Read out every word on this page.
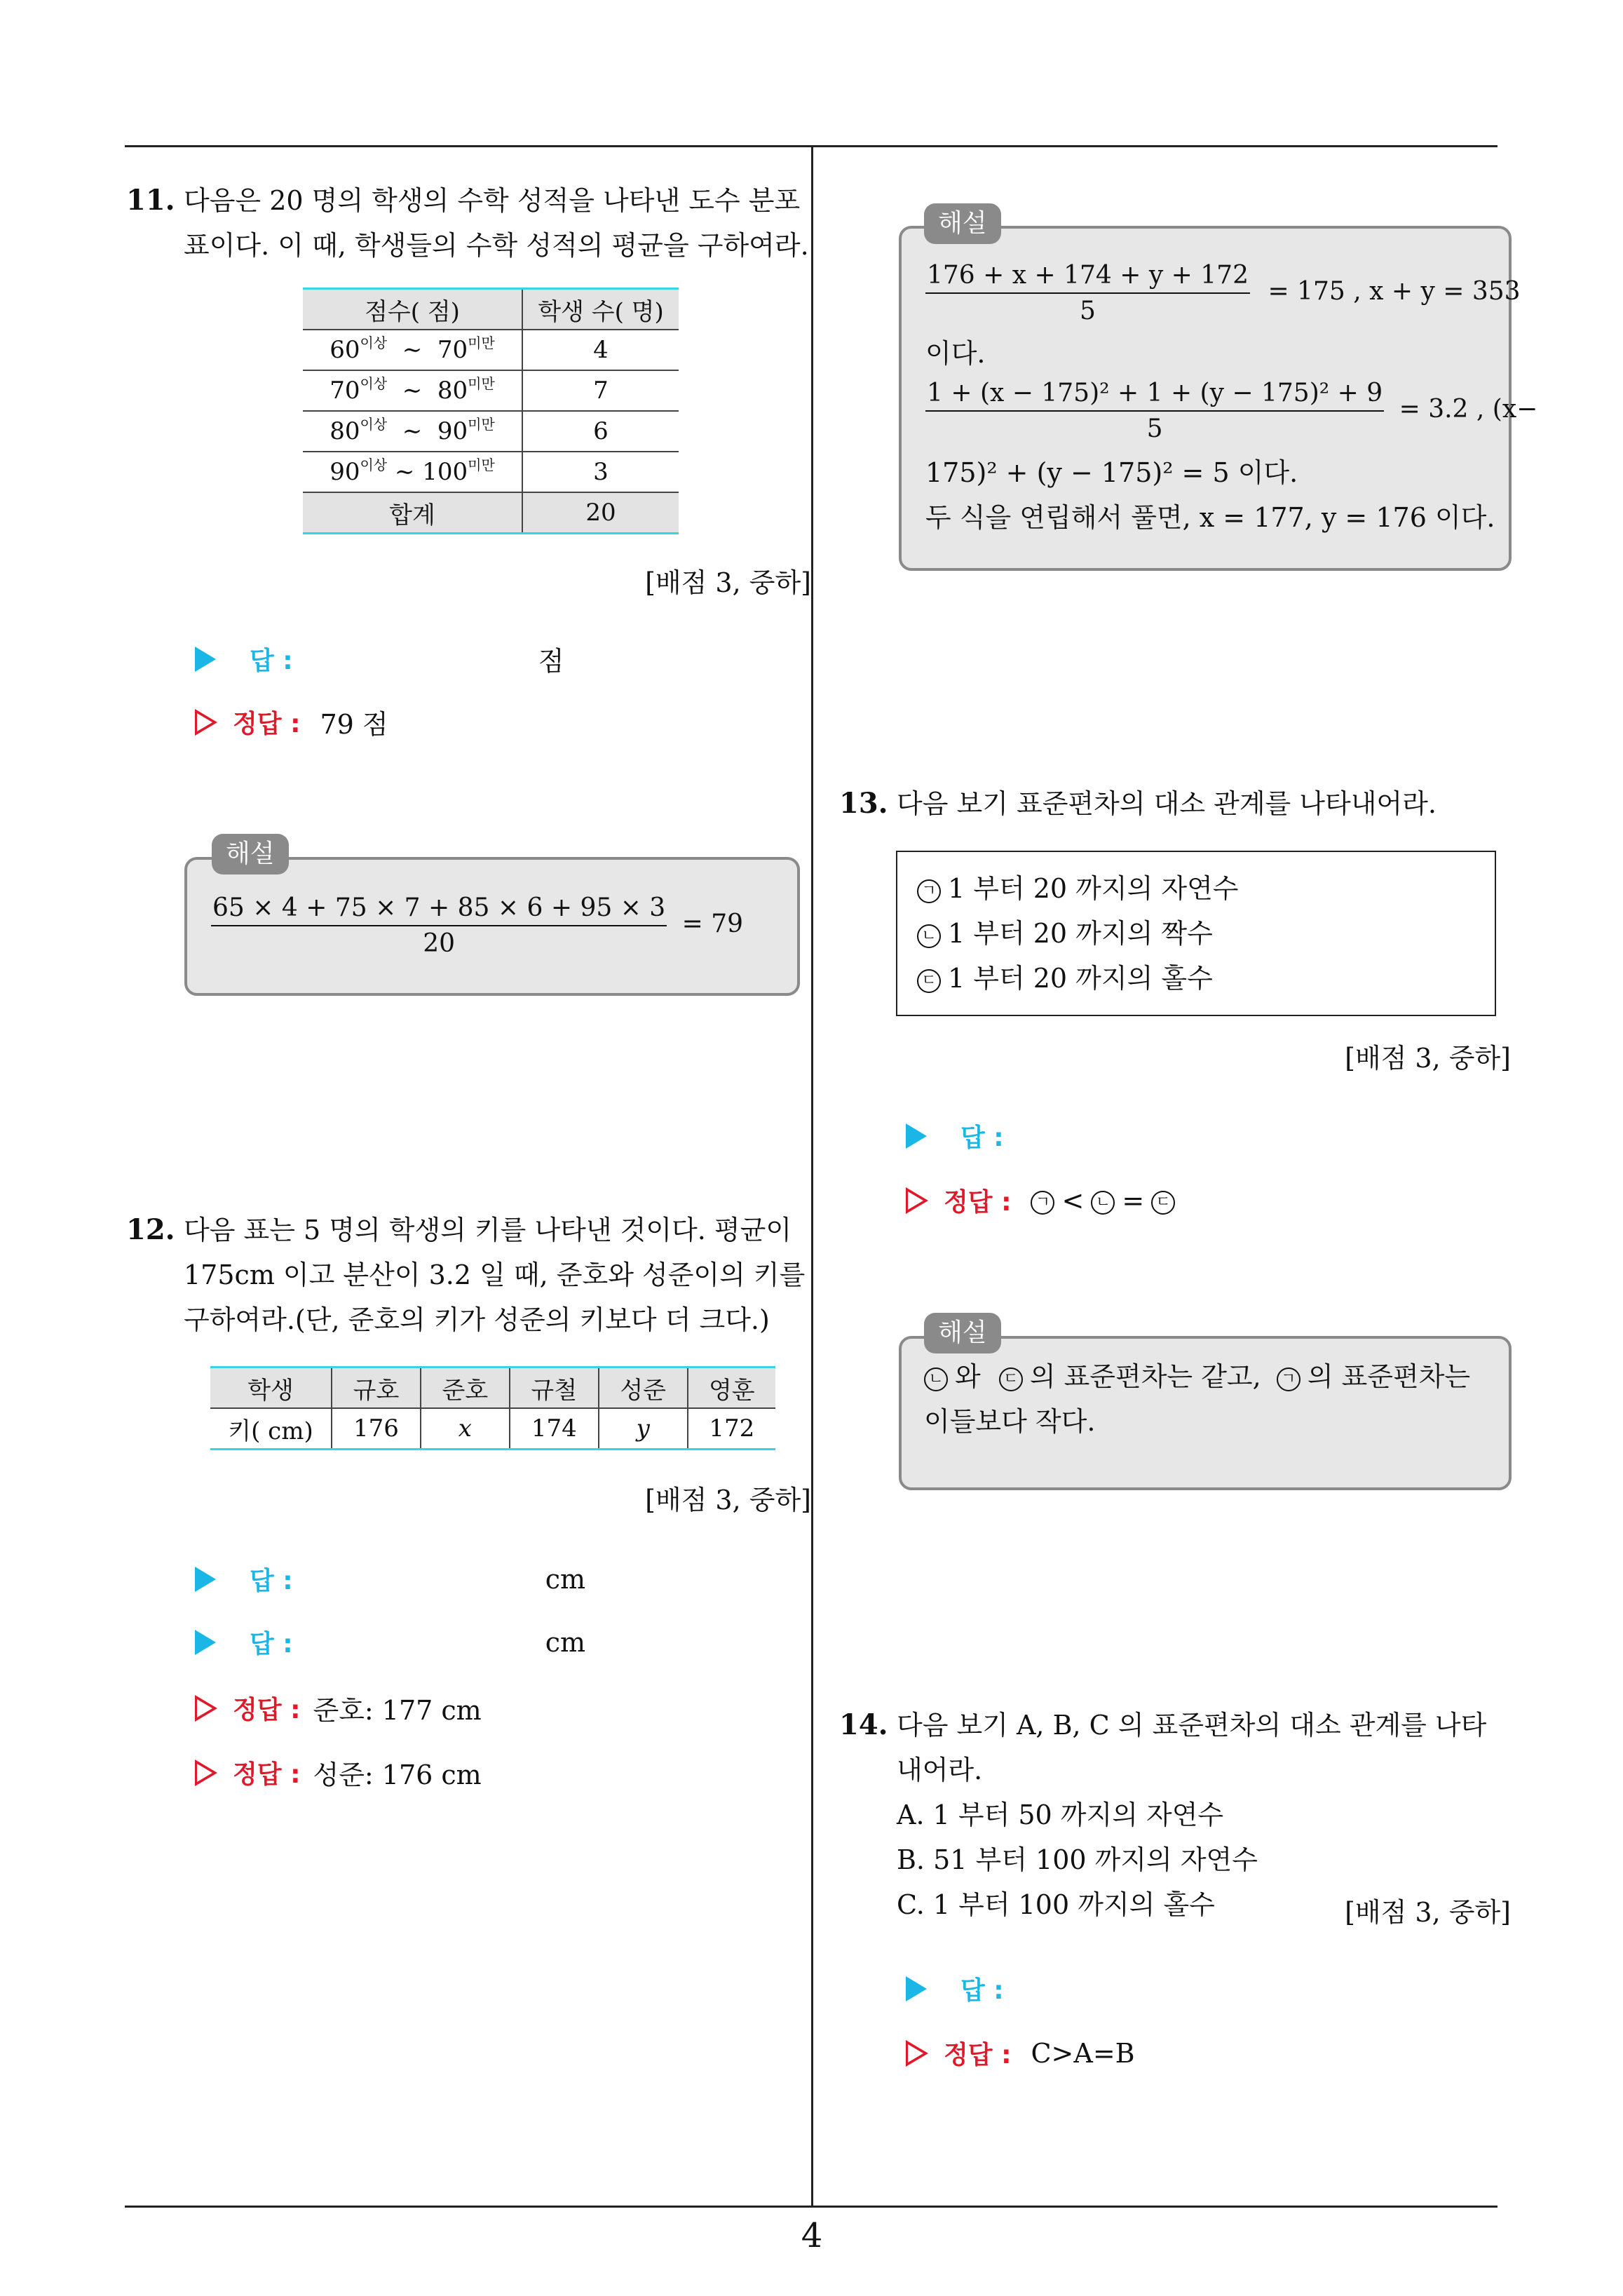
4
11. 다음은 20 명의 학생의 수학 성적을 나타낸 도수 분포
표이다. 이 때, 학생들의 수학 성적의 평균을 구하여라.
점수( 점)	학생 수( 명)
$60^{이상}$ ∼ $70^{미만}$	4
$70^{이상}$ ∼ $80^{미만}$	7
$80^{이상}$ ∼ $90^{미만}$	6
$90^{이상}$ ∼ $100^{미만}$	3
합계	20
[배점 3, 중하]
답 :	점
정답 : 79 점
$\frac{65 \times 4 + 75 \times 7 + 85 \times 6 + 95 \times 3}{20} = 79$
해설
12. 다음 표는 5 명의 학생의 키를 나타낸 것이다. 평균이
175cm 이고 분산이 3.2 일 때, 준호와 성준이의 키를
구하여라.(단, 준호의 키가 성준의 키보다 더 크다.)
학생	규호	준호	규철	성준	영훈
키( cm)	176	x	174	y	172
[배점 3, 중하]
답 :	cm
답 :	cm
정답 : 준호: 177 cm
정답 : 성준: 176 cm
$\frac{176 + x + 174 + y + 172}{5} = 175$ , x + y = 353
이다.
$\frac{\text{1 + (x − 175)² + 1 + (y − 175)² + 9}}{5} = 3.2$ , (x−
175)² + (y − 175)² = 5 이다.
두 식을 연립해서 풀면, x = 177, y = 176 이다.
해설
13. 다음 보기 표준편차의 대소 관계를 나타내어라.
ㄱ 1 부터 20 까지의 자연수
ㄴ 1 부터 20 까지의 짝수
ㄷ 1 부터 20 까지의 홀수
[배점 3, 중하]
답 :
정답 : ㄱ < ㄴ = ㄷ
ㄴ 와 ㄷ 의 표준편차는 같고, ㄱ 의 표준편차는
이들보다 작다.
해설
14. 다음 보기 A, B, C 의 표준편차의 대소 관계를 나타
내어라.
A. 1 부터 50 까지의 자연수
B. 51 부터 100 까지의 자연수
C. 1 부터 100 까지의 홀수	[배점 3, 중하]
답 :
정답 : C>A=B
